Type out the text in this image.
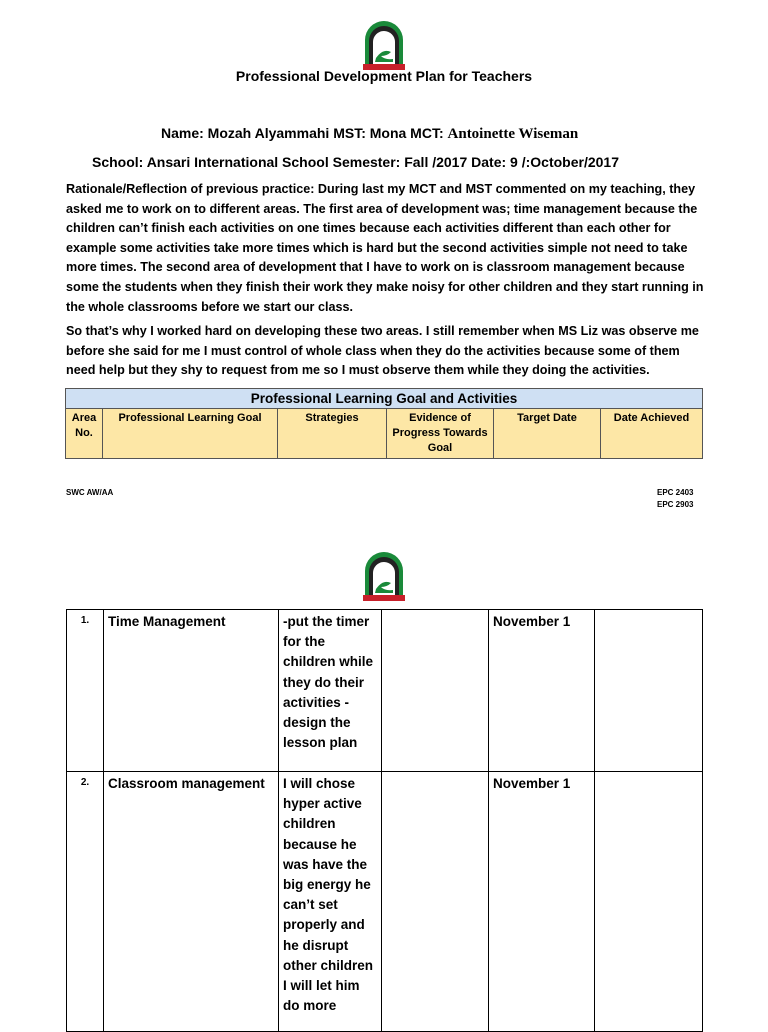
Professional Development Plan for Teachers
Name: Mozah Alyammahi MST: Mona MCT: Antoinette Wiseman
School: Ansari International School Semester: Fall /2017 Date: 9 /:October/2017

Rationale/Reflection of previous practice: During last my MCT and MST commented on my teaching, they asked me to work on to different areas. The first area of development was; time management because the children can’t finish each activities on one times because each activities different than each other for example some activities take more times which is hard but the second activities simple not need to take more times. The second area of development that I have to work on is classroom management because some the students when they finish their work they make noisy for other children and they start running in the whole classrooms before we start our class.

So that’s why I worked hard on developing these two areas. I still remember when MS Liz was observe me before she said for me I must control of whole class when they do the activities because some of them need help but they shy to request from me so I must observe them while they doing the activities.

Professional Learning Goal and Activities
Area No.	Professional Learning Goal	Strategies	Evidence of Progress Towards Goal	Target Date	Date Achieved
SWC AW/AA	EPC 2403
EPC 2903
1.	Time Management	-put the timer for the children while they do their activities -design the lesson plan		November 1	
2.	Classroom management	I will chose hyper active children because he was have the big energy he can’t set properly and he disrupt other children I will let him do more		November 1	
